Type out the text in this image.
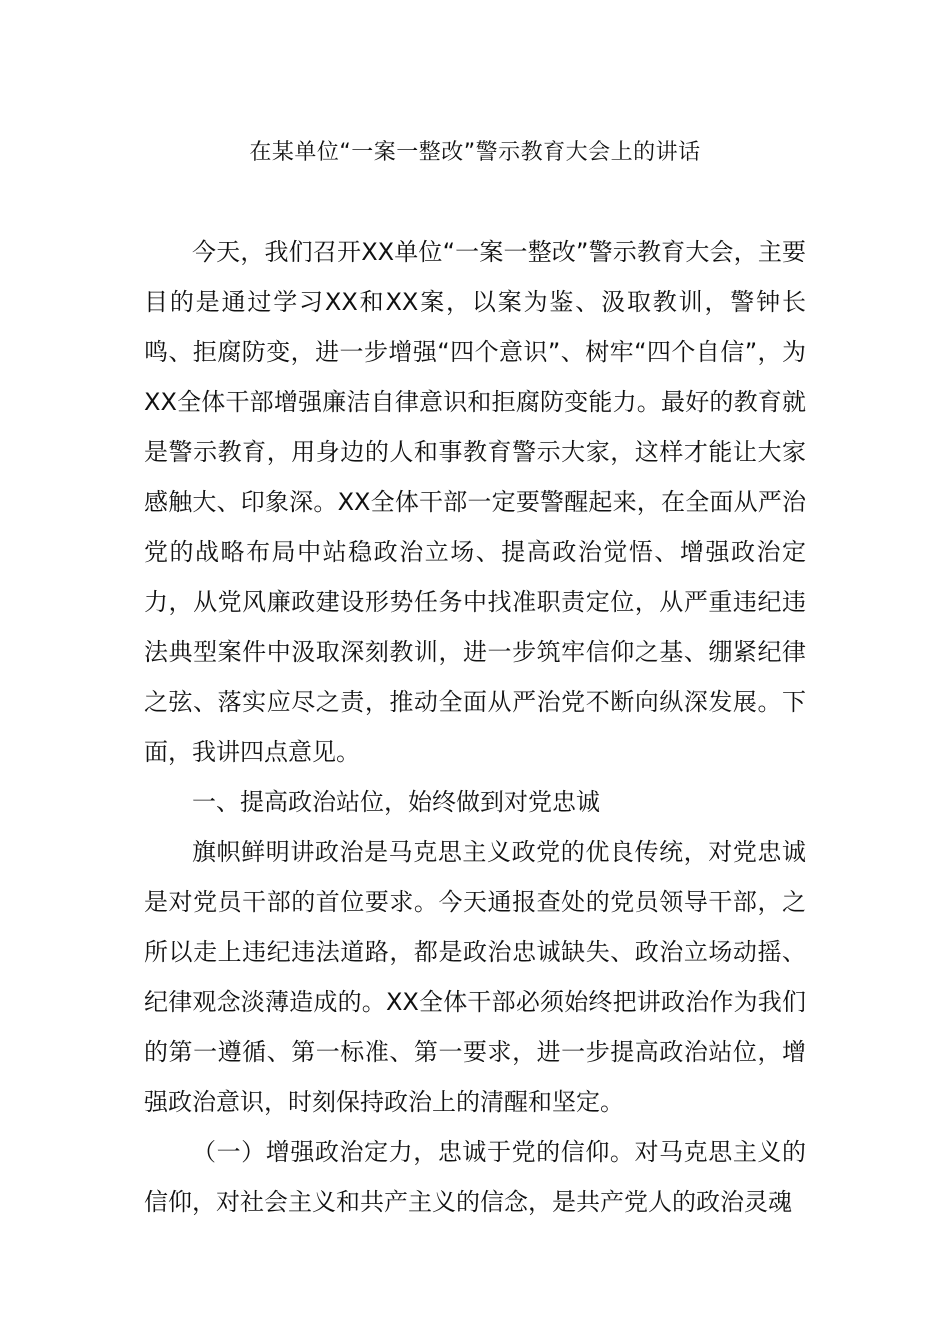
在某单位“一案一整改”警示教育大会上的讲话

今天，我们召开XX单位“一案一整改”警示教育大会，主要目的是通过学习XX和XX案，以案为鉴、汲取教训，警钟长鸣、拒腐防变，进一步增强“四个意识”、树牢“四个自信”，为XX全体干部增强廉洁自律意识和拒腐防变能力。最好的教育就是警示教育，用身边的人和事教育警示大家，这样才能让大家感触大、印象深。XX全体干部一定要警醒起来，在全面从严治党的战略布局中站稳政治立场、提高政治觉悟、增强政治定力，从党风廉政建设形势任务中找准职责定位，从严重违纪违法典型案件中汲取深刻教训，进一步筑牢信仰之基、绷紧纪律之弦、落实应尽之责，推动全面从严治党不断向纵深发展。下面，我讲四点意见。

一、提高政治站位，始终做到对党忠诚

旗帜鲜明讲政治是马克思主义政党的优良传统，对党忠诚是对党员干部的首位要求。今天通报查处的党员领导干部，之所以走上违纪违法道路，都是政治忠诚缺失、政治立场动摇、纪律观念淡薄造成的。XX全体干部必须始终把讲政治作为我们的第一遵循、第一标准、第一要求，进一步提高政治站位，增强政治意识，时刻保持政治上的清醒和坚定。

（一）增强政治定力，忠诚于党的信仰。对马克思主义的信仰，对社会主义和共产主义的信念，是共产党人的政治灵魂
